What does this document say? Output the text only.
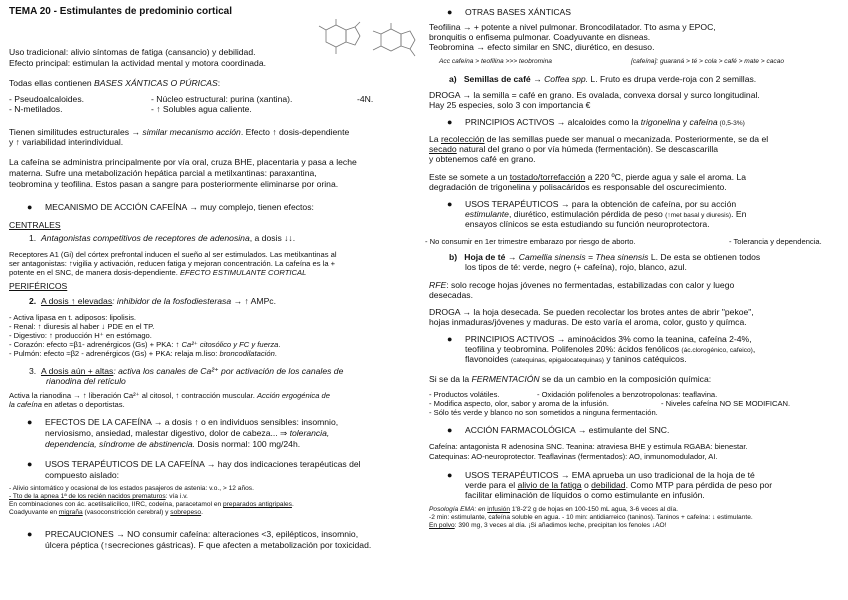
TEMA 20 - Estimulantes de predominio cortical
Uso tradicional: alivio síntomas de fatiga (cansancio) y debilidad.
Efecto principal: estimulan la actividad mental y motora coordinada.
Todas ellas contienen BASES XÁNTICAS O PÚRICAS:
- Pseudoalcaloides.	- Núcleo estructural: purina (xantina).	-4N.
- N-metilados.	- ↑ Solubles agua caliente.
Tienen similitudes estructurales → similar mecanismo acción. Efecto ↑ dosis-dependiente
y ↑ variabilidad interindividual.
La cafeína se administra principalmente por vía oral, cruza BHE, placentaria y pasa a leche
materna. Sufre una metabolización hepática parcial a metilxantinas: paraxantina,
teobromina y teofilina. Estos pasan a sangre para posteriormente eliminarse por orina.
● MECANISMO DE ACCIÓN CAFEÍNA → muy complejo, tienen efectos:
CENTRALES
1. Antagonistas competitivos de receptores de adenosina, a dosis ↓↓.
Receptores A1 (Gi) del córtex prefrontal inducen el sueño al ser estimulados. Las metilxantinas al
ser antagonistas: ↑vigilia y activación, reducen fatiga y mejoran concentración. La cafeína es la +
potente en el SNC, de manera dosis-dependiente. EFECTO ESTIMULANTE CORTICAL
PERIFÉRICOS
2. A dosis ↑ elevadas: inhibidor de la fosfodiesterasa → ↑ AMPc.
- Activa lipasa en t. adiposos: lipolisis.
- Renal: ↑ diuresis al haber ↓ PDE en el TP.
- Digestivo: ↑ producción H⁺ en estómago.
- Corazón: efecto ≈β1- adrenérgicos (Gs) + PKA: ↑ Ca²⁺ citosólico y FC y fuerza.
- Pulmón: efecto ≈β2 - adrenérgicos (Gs) + PKA: relaja m.liso: broncodilatación.
3. A dosis aún + altas: activa los canales de Ca²⁺ por activación de los canales de
rianodina del retículo
Activa la rianodina → ↑ liberación Ca²⁺ al citosol, ↑ contracción muscular. Acción ergogénica de
la cafeína en atletas o deportistas.
● EFECTOS DE LA CAFEÍNA → a dosis ↑ o en individuos sensibles: insomnio,
nerviosismo, ansiedad, malestar digestivo, dolor de cabeza... ⇒ tolerancia,
dependencia, síndrome de abstinencia. Dosis normal: 100 mg/24h.
● USOS TERAPÉUTICOS DE LA CAFEÍNA → hay dos indicaciones terapéuticas del
compuesto aislado:
- Alivio sintomático y ocasional de los estados pasajeros de astenia: v.o., > 12 años.
- Tto de la apnea 1ª de los recién nacidos prematuros: vía i.v.
En combinaciones con ác. acetilsalicílico, IIRC, codeína, paracetamol en preparados antigripales.
Coadyuvante en migraña (vasoconstricción cerebral) y sobrepeso.
● PRECAUCIONES → NO consumir cafeína: alteraciones <3, epilépticos, insomnio,
úlcera péptica (↑secreciones gástricas). F que afecten a metabolización por toxicidad.
● OTRAS BASES XÁNTICAS
Teofilina → + potente a nivel pulmonar. Broncodilatador. Tto asma y EPOC,
bronquitis o enfisema pulmonar. Coadyuvante en disneas.
Teobromina → efecto similar en SNC, diurético, en desuso.
Acc cafeína > teofilina >>> teobromina	[cafeína]: guaraná > té > cola > café > mate > cacao
a) Semillas de café → Coffea spp. L. Fruto es drupa verde-roja con 2 semillas.
DROGA → la semilla = café en grano. Es ovalada, convexa dorsal y surco longitudinal.
Hay 25 especies, solo 3 con importancia €
● PRINCIPIOS ACTIVOS → alcaloides como la trigonelina y cafeína (0,5-3%)
La recolección de las semillas puede ser manual o mecanizada. Posteriormente, se da el
secado natural del grano o por vía húmeda (fermentación). Se descascarilla
y obtenemos café en grano.
Este se somete a un tostado/torrefacción a 220 ºC, pierde agua y sale el aroma. La
degradación de trigonelina y polisacáridos es responsable del oscurecimiento.
● USOS TERAPÉUTICOS → para la obtención de cafeína, por su acción
estimulante, diurético, estimulación pérdida de peso (↑met basal y diuresis). En
ensayos clínicos se esta estudiando su función neuroprotectora.
- No consumir en 1er trimestre embarazo por riesgo de aborto.	- Tolerancia y dependencia.
b) Hoja de té → Camellia sinensis = Thea sinensis L. De esta se obtienen todos
los tipos de té: verde, negro (+ cafeína), rojo, blanco, azul.
RFE: solo recoge hojas jóvenes no fermentadas, estabilizadas con calor y luego
desecadas.
DROGA → la hoja desecada. Se pueden recolectar los brotes antes de abrir "pekoe",
hojas inmaduras/jóvenes y maduras. De esto varía el aroma, color, gusto y químca.
● PRINCIPIOS ACTIVOS → aminoácidos 3% como la teanina, cafeína 2-4%,
teofilina y teobromina. Polifenoles 20%: ácidos fenólicos (ác.clorogénico, cafeico),
flavonoides (catequinas, epigalocatequinas) y taninos catéquicos.
Si se da la FERMENTACIÓN se da un cambio en la composición química:
- Productos volátiles.	- Oxidación polifenoles a benzotropolonas: teaflavina.
- Modifica aspecto, olor, sabor y aroma de la infusión.	- Niveles cafeína NO SE MODIFICAN.
- Sólo tés verde y blanco no son sometidos a ninguna fermentación.
● ACCIÓN FARMACOLÓGICA → estimulante del SNC.
Cafeína: antagonista R adenosina SNC. Teanina: atraviesa BHE y estimula RGABA: bienestar.
Catequinas: AO-neuroprotector. Teaflavinas (fermentados): AO, inmunomodulador, AI.
● USOS TERAPÉUTICOS → EMA aprueba un uso tradicional de la hoja de té
verde para el alivio de la fatiga o debilidad. Como MTP para pérdida de peso por
facilitar eliminación de líquidos o como estimulante en infusión.
Posología EMA: en infusión 1'8-2'2 g de hojas en 100-150 mL agua, 3-6 veces al día.
-2 min: estimulante, cafeína soluble en agua. - 10 min: antidiarreico (taninos). Taninos + cafeína: ↓ estimulante.
En polvo: 390 mg, 3 veces al día. ¡Si añadimos leche, precipitan los fenoles ↓AO!
